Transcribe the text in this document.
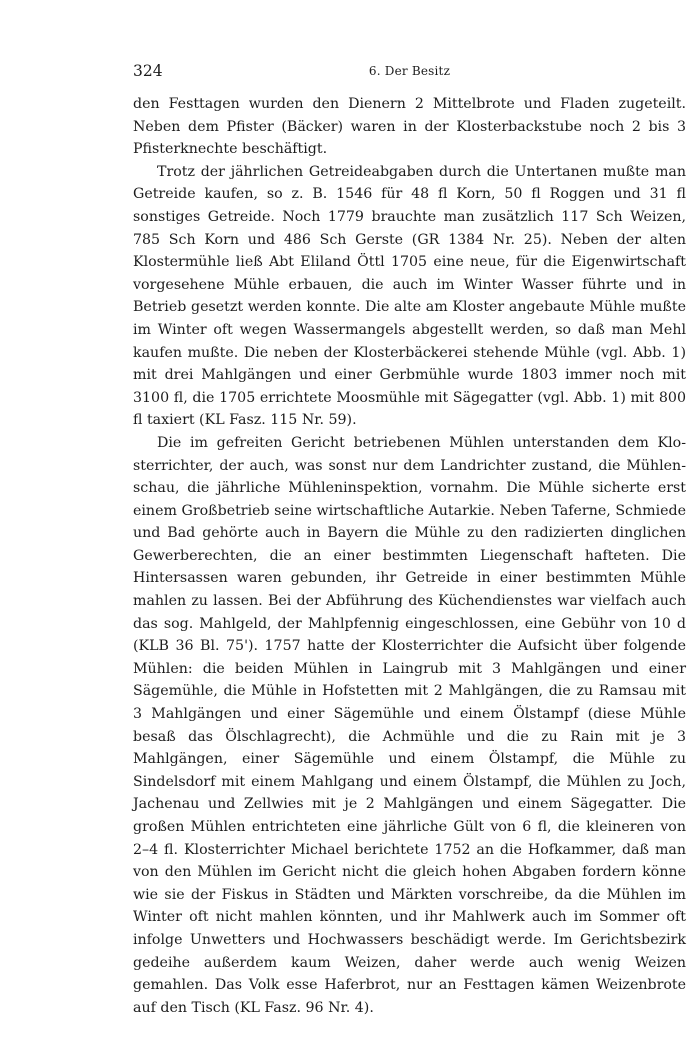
324	6. Der Besitz

den Festtagen wurden den Dienern 2 Mittelbrote und Fladen zugeteilt. Neben dem Pfister (Bäcker) waren in der Klosterbackstube noch 2 bis 3 Pfisterknechte beschäftigt.

Trotz der jährlichen Getreideabgaben durch die Untertanen mußte man Getreide kaufen, so z. B. 1546 für 48 fl Korn, 50 fl Roggen und 31 fl sonstiges Getreide. Noch 1779 brauchte man zusätzlich 117 Sch Weizen, 785 Sch Korn und 486 Sch Gerste (GR 1384 Nr. 25). Neben der alten Klostermühle ließ Abt Eliland Öttl 1705 eine neue, für die Eigenwirtschaft vorgesehene Mühle erbauen, die auch im Winter Wasser führte und in Betrieb gesetzt werden konnte. Die alte am Kloster angebaute Mühle mußte im Winter oft wegen Wassermangels abgestellt werden, so daß man Mehl kaufen mußte. Die neben der Klosterbäckerei stehende Mühle (vgl. Abb. 1) mit drei Mahlgängen und einer Gerbmühle wurde 1803 immer noch mit 3100 fl, die 1705 errichtete Moosmühle mit Sägegatter (vgl. Abb. 1) mit 800 fl taxiert (KL Fasz. 115 Nr. 59).

Die im gefreiten Gericht betriebenen Mühlen unterstanden dem Klosterrichter, der auch, was sonst nur dem Landrichter zustand, die Mühlenschau, die jährliche Mühleninspektion, vornahm. Die Mühle sicherte erst einem Großbetrieb seine wirtschaftliche Autarkie. Neben Taferne, Schmiede und Bad gehörte auch in Bayern die Mühle zu den radizierten dinglichen Gewerberechten, die an einer bestimmten Liegenschaft hafteten. Die Hintersassen waren gebunden, ihr Getreide in einer bestimmten Mühle mahlen zu lassen. Bei der Abführung des Küchendienstes war vielfach auch das sog. Mahlgeld, der Mahlpfennig eingeschlossen, eine Gebühr von 10 d (KLB 36 Bl. 75'). 1757 hatte der Klosterrichter die Aufsicht über folgende Mühlen: die beiden Mühlen in Laingrub mit 3 Mahlgängen und einer Sägemühle, die Mühle in Hofstetten mit 2 Mahlgängen, die zu Ramsau mit 3 Mahlgängen und einer Sägemühle und einem Ölstampf (diese Mühle besaß das Ölschlagrecht), die Achmühle und die zu Rain mit je 3 Mahlgängen, einer Sägemühle und einem Ölstampf, die Mühle zu Sindelsdorf mit einem Mahlgang und einem Ölstampf, die Mühlen zu Joch, Jachenau und Zellwies mit je 2 Mahlgängen und einem Sägegatter. Die großen Mühlen entrichteten eine jährliche Gült von 6 fl, die kleineren von 2–4 fl. Klosterrichter Michael berichtete 1752 an die Hofkammer, daß man von den Mühlen im Gericht nicht die gleich hohen Abgaben fordern könne wie sie der Fiskus in Städten und Märkten vorschreibe, da die Mühlen im Winter oft nicht mahlen könnten, und ihr Mahlwerk auch im Sommer oft infolge Unwetters und Hochwassers beschädigt werde. Im Gerichtsbezirk gedeihe außerdem kaum Weizen, daher werde auch wenig Weizen gemahlen. Das Volk esse Haferbrot, nur an Festtagen kämen Weizenbrote auf den Tisch (KL Fasz. 96 Nr. 4).
